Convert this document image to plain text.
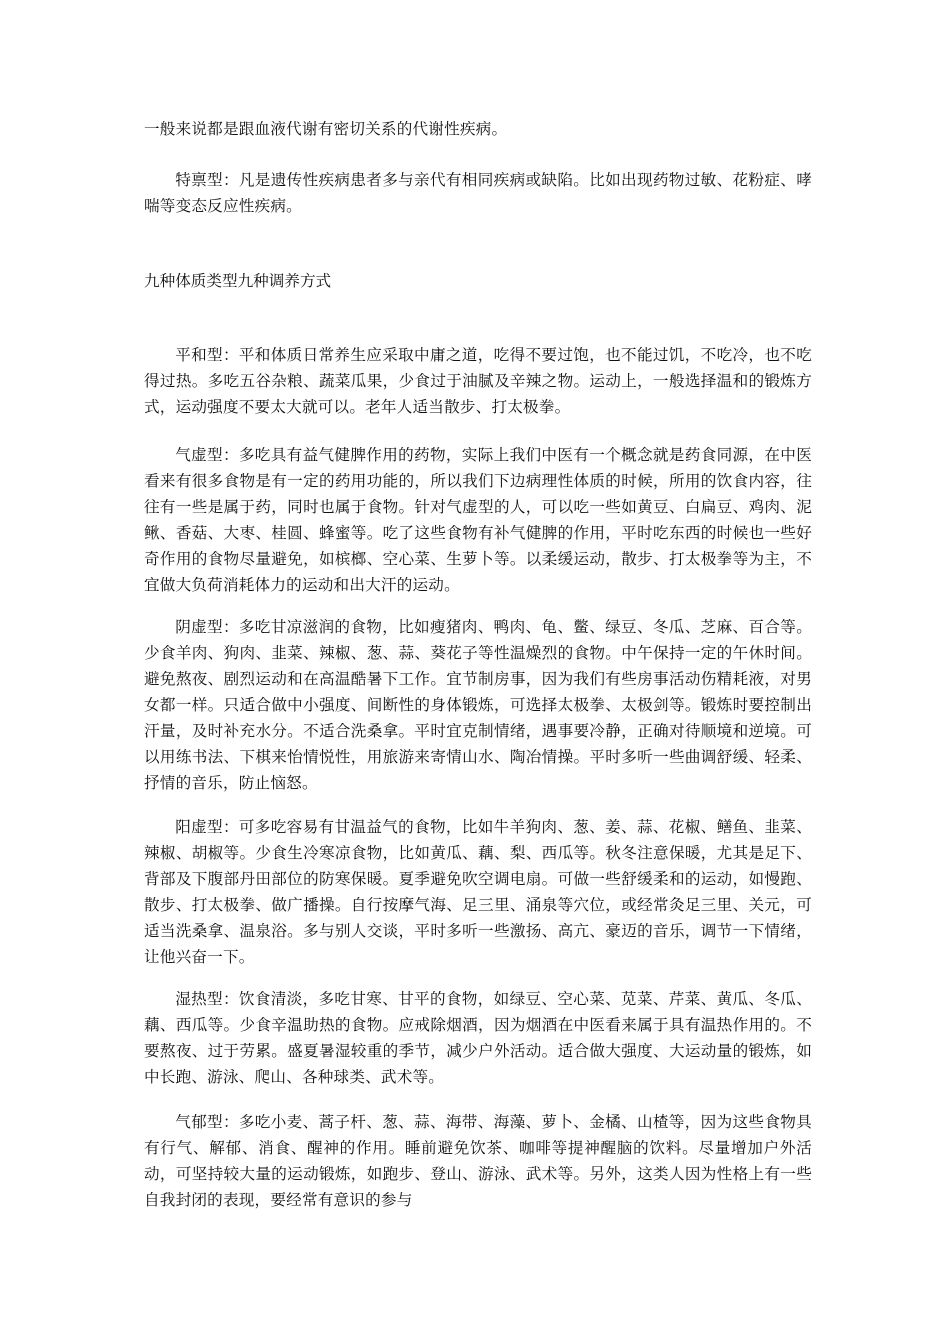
一般来说都是跟血液代谢有密切关系的代谢性疾病。

特禀型：凡是遗传性疾病患者多与亲代有相同疾病或缺陷。比如出现药物过敏、花粉症、哮喘等变态反应性疾病。

九种体质类型九种调养方式

平和型：平和体质日常养生应采取中庸之道，吃得不要过饱，也不能过饥，不吃冷，也不吃得过热。多吃五谷杂粮、蔬菜瓜果，少食过于油腻及辛辣之物。运动上，一般选择温和的锻炼方式，运动强度不要太大就可以。老年人适当散步、打太极拳。

气虚型：多吃具有益气健脾作用的药物，实际上我们中医有一个概念就是药食同源，在中医看来有很多食物是有一定的药用功能的，所以我们下边病理性体质的时候，所用的饮食内容，往往有一些是属于药，同时也属于食物。针对气虚型的人，可以吃一些如黄豆、白扁豆、鸡肉、泥鳅、香菇、大枣、桂圆、蜂蜜等。吃了这些食物有补气健脾的作用，平时吃东西的时候也一些好奇作用的食物尽量避免，如槟榔、空心菜、生萝卜等。以柔缓运动，散步、打太极拳等为主，不宜做大负荷消耗体力的运动和出大汗的运动。

阴虚型：多吃甘凉滋润的食物，比如瘦猪肉、鸭肉、龟、鳖、绿豆、冬瓜、芝麻、百合等。少食羊肉、狗肉、韭菜、辣椒、葱、蒜、葵花子等性温燥烈的食物。中午保持一定的午休时间。避免熬夜、剧烈运动和在高温酷暑下工作。宜节制房事，因为我们有些房事活动伤精耗液，对男女都一样。只适合做中小强度、间断性的身体锻炼，可选择太极拳、太极剑等。锻炼时要控制出汗量，及时补充水分。不适合洗桑拿。平时宜克制情绪，遇事要冷静，正确对待顺境和逆境。可以用练书法、下棋来怡情悦性，用旅游来寄情山水、陶冶情操。平时多听一些曲调舒缓、轻柔、抒情的音乐，防止恼怒。

阳虚型：可多吃容易有甘温益气的食物，比如牛羊狗肉、葱、姜、蒜、花椒、鳝鱼、韭菜、辣椒、胡椒等。少食生冷寒凉食物，比如黄瓜、藕、梨、西瓜等。秋冬注意保暖，尤其是足下、背部及下腹部丹田部位的防寒保暖。夏季避免吹空调电扇。可做一些舒缓柔和的运动，如慢跑、散步、打太极拳、做广播操。自行按摩气海、足三里、涌泉等穴位，或经常灸足三里、关元，可适当洗桑拿、温泉浴。多与别人交谈，平时多听一些激扬、高亢、豪迈的音乐，调节一下情绪，让他兴奋一下。

湿热型：饮食清淡，多吃甘寒、甘平的食物，如绿豆、空心菜、苋菜、芹菜、黄瓜、冬瓜、藕、西瓜等。少食辛温助热的食物。应戒除烟酒，因为烟酒在中医看来属于具有温热作用的。不要熬夜、过于劳累。盛夏暑湿较重的季节，减少户外活动。适合做大强度、大运动量的锻炼，如中长跑、游泳、爬山、各种球类、武术等。

气郁型：多吃小麦、蒿子杆、葱、蒜、海带、海藻、萝卜、金橘、山楂等，因为这些食物具有行气、解郁、消食、醒神的作用。睡前避免饮茶、咖啡等提神醒脑的饮料。尽量增加户外活动，可坚持较大量的运动锻炼，如跑步、登山、游泳、武术等。另外，这类人因为性格上有一些自我封闭的表现，要经常有意识的参与
